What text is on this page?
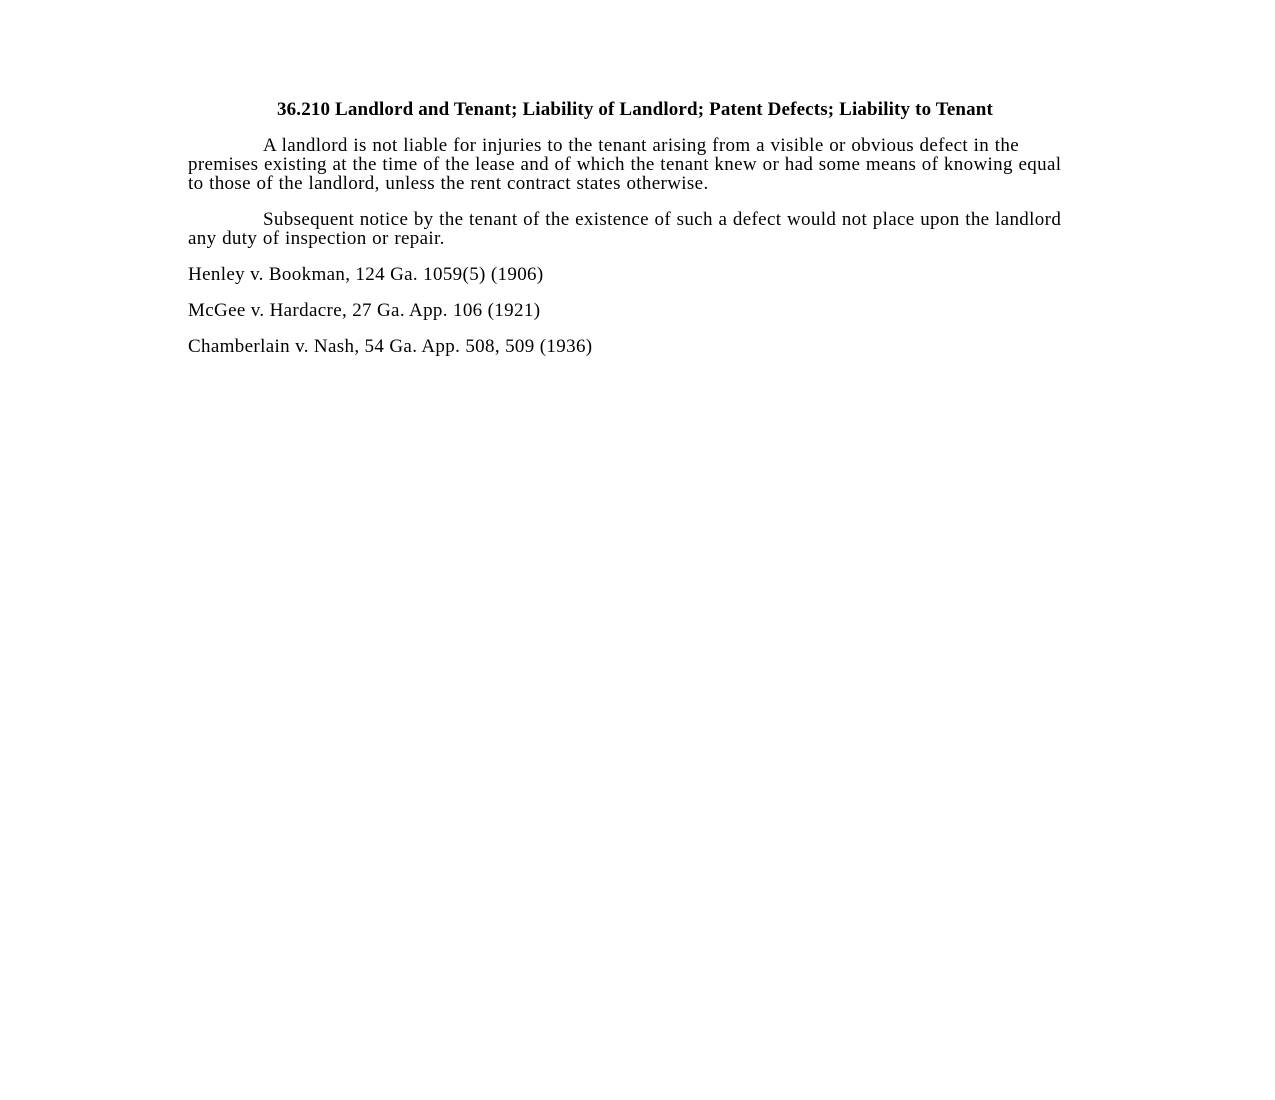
36.210 Landlord and Tenant; Liability of Landlord; Patent Defects; Liability to Tenant

A landlord is not liable for injuries to the tenant arising from a visible or obvious defect in the premises existing at the time of the lease and of which the tenant knew or had some means of knowing equal to those of the landlord, unless the rent contract states otherwise.

Subsequent notice by the tenant of the existence of such a defect would not place upon the landlord any duty of inspection or repair.

Henley v. Bookman, 124 Ga. 1059(5) (1906)
McGee v. Hardacre, 27 Ga. App. 106 (1921)
Chamberlain v. Nash, 54 Ga. App. 508, 509 (1936)
